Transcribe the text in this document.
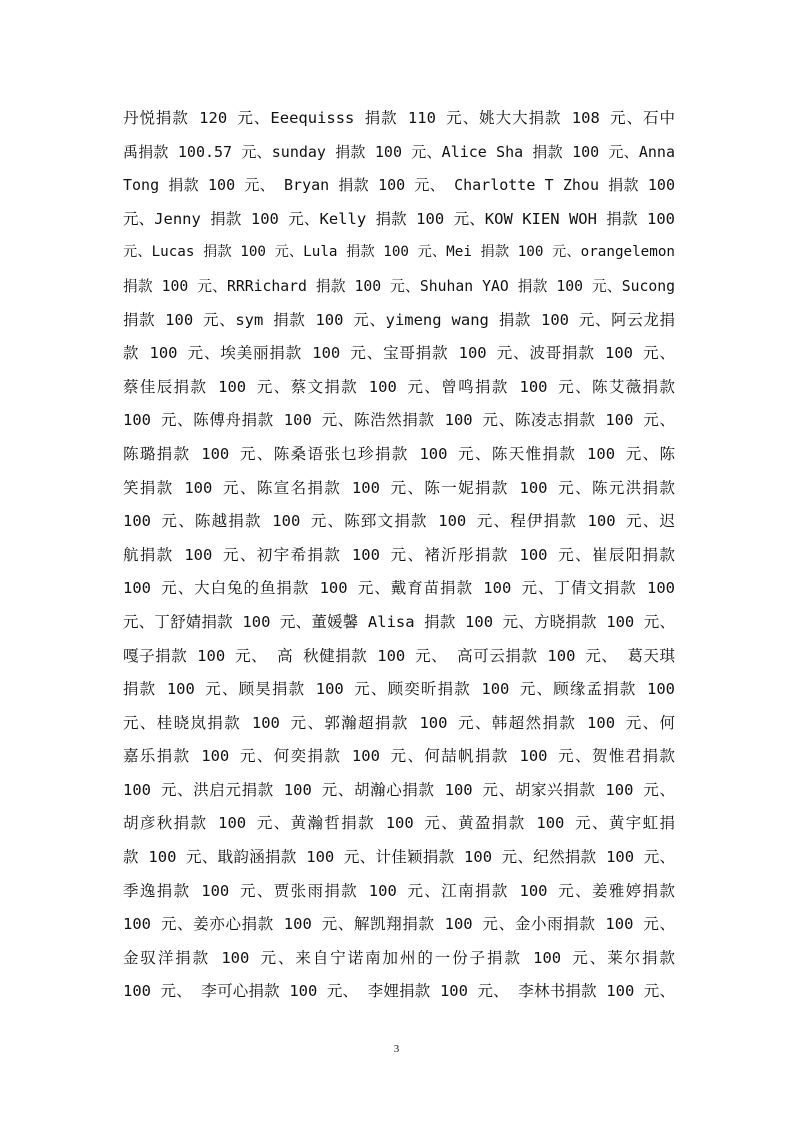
丹悦捐款 120 元、Eeequisss 捐款 110 元、姚大大捐款 108 元、石中
禹捐款 100.57 元、sunday 捐款 100 元、Alice Sha 捐款 100 元、Anna
Tong 捐款 100 元、 Bryan 捐款 100 元、 Charlotte T Zhou 捐款 100
元、Jenny 捐款 100 元、Kelly 捐款 100 元、KOW KIEN WOH 捐款 100
元、Lucas 捐款 100 元、Lula 捐款 100 元、Mei 捐款 100 元、orangelemon
捐款 100 元、RRRichard 捐款 100 元、Shuhan YAO 捐款 100 元、Sucong
捐款 100 元、sym 捐款 100 元、yimeng wang 捐款 100 元、阿云龙捐
款 100 元、埃美丽捐款 100 元、宝哥捐款 100 元、波哥捐款 100 元、
蔡佳辰捐款 100 元、蔡文捐款 100 元、曾鸣捐款 100 元、陈艾薇捐款
100 元、陈傅舟捐款 100 元、陈浩然捐款 100 元、陈凌志捐款 100 元、
陈璐捐款 100 元、陈桑语张乜珍捐款 100 元、陈天惟捐款 100 元、陈
笑捐款 100 元、陈宣名捐款 100 元、陈一妮捐款 100 元、陈元洪捐款
100 元、陈越捐款 100 元、陈郅文捐款 100 元、程伊捐款 100 元、迟
航捐款 100 元、初宇希捐款 100 元、褚沂彤捐款 100 元、崔辰阳捐款
100 元、大白兔的鱼捐款 100 元、戴育苗捐款 100 元、丁倩文捐款 100
元、丁舒婧捐款 100 元、董媛馨 Alisa 捐款 100 元、方晓捐款 100 元、
嘎子捐款 100 元、 高 秋健捐款 100 元、 高可云捐款 100 元、 葛天琪
捐款 100 元、顾昊捐款 100 元、顾奕昕捐款 100 元、顾缘孟捐款 100
元、桂晓岚捐款 100 元、郭瀚超捐款 100 元、韩超然捐款 100 元、何
嘉乐捐款 100 元、何奕捐款 100 元、何喆帆捐款 100 元、贺惟君捐款
100 元、洪启元捐款 100 元、胡瀚心捐款 100 元、胡家兴捐款 100 元、
胡彦秋捐款 100 元、黄瀚哲捐款 100 元、黄盈捐款 100 元、黄宇虹捐
款 100 元、戢韵涵捐款 100 元、计佳颖捐款 100 元、纪然捐款 100 元、
季逸捐款 100 元、贾张雨捐款 100 元、江南捐款 100 元、姜雅婷捐款
100 元、姜亦心捐款 100 元、解凯翔捐款 100 元、金小雨捐款 100 元、
金驭洋捐款 100 元、来自宁诺南加州的一份子捐款 100 元、莱尔捐款
100 元、 李可心捐款 100 元、 李娌捐款 100 元、 李林书捐款 100 元、
3
